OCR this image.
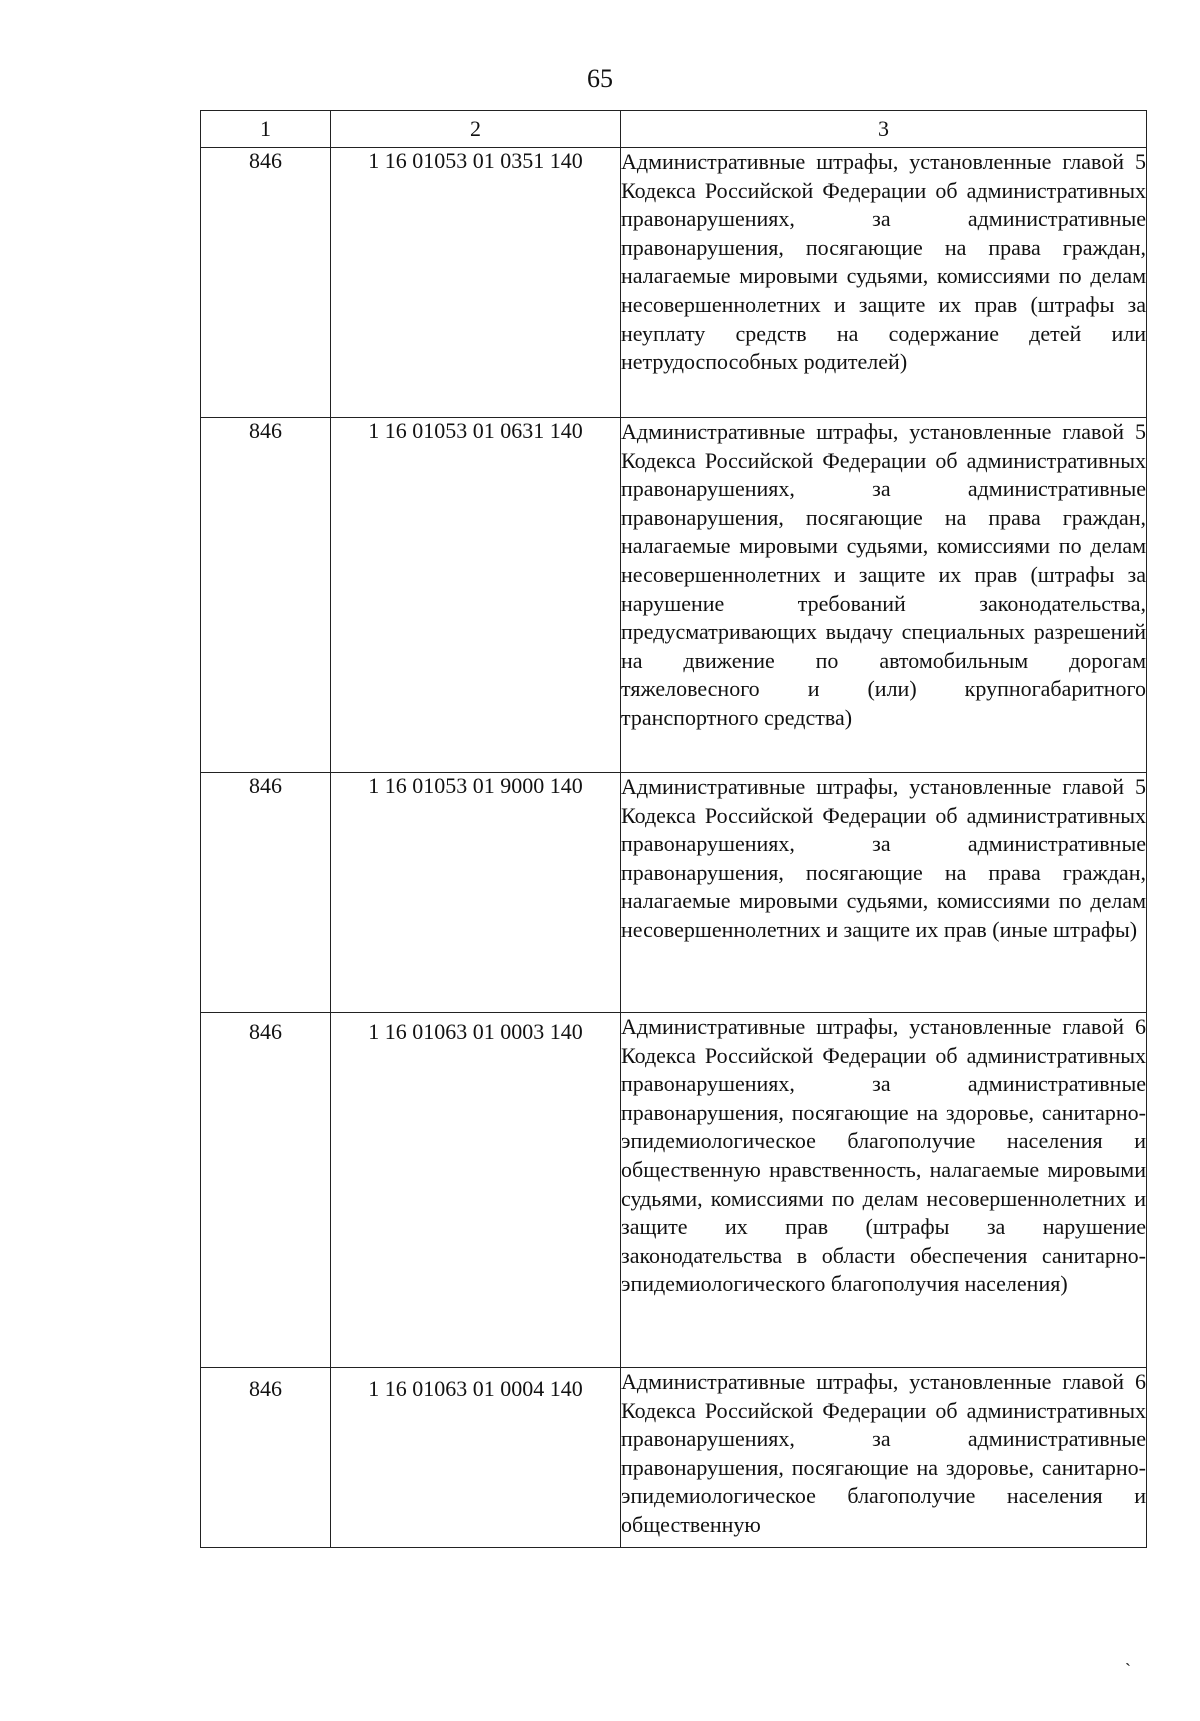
65
1	2	3
846	1 16 01053 01 0351 140	Административные штрафы, установленные главой 5 Кодекса Российской Федерации об административных правонарушениях, за административные правонарушения, посягающие на права граждан, налагаемые мировыми судьями, комиссиями по делам несовершеннолетних и защите их прав (штрафы за неуплату средств на содержание детей или нетрудоспособных родителей)
846	1 16 01053 01 0631 140	Административные штрафы, установленные главой 5 Кодекса Российской Федерации об административных правонарушениях, за административные правонарушения, посягающие на права граждан, налагаемые мировыми судьями, комиссиями по делам несовершеннолетних и защите их прав (штрафы за нарушение требований законодательства, предусматривающих выдачу специальных разрешений на движение по автомобильным дорогам тяжеловесного и (или) крупногабаритного транспортного средства)
846	1 16 01053 01 9000 140	Административные штрафы, установленные главой 5 Кодекса Российской Федерации об административных правонарушениях, за административные правонарушения, посягающие на права граждан, налагаемые мировыми судьями, комиссиями по делам несовершеннолетних и защите их прав (иные штрафы)
846	1 16 01063 01 0003 140	Административные штрафы, установленные главой 6 Кодекса Российской Федерации об административных правонарушениях, за административные правонарушения, посягающие на здоровье, санитарно-эпидемиологическое благополучие населения и общественную нравственность, налагаемые мировыми судьями, комиссиями по делам несовершеннолетних и защите их прав (штрафы за нарушение законодательства в области обеспечения санитарно-эпидемиологического благополучия населения)
846	1 16 01063 01 0004 140	Административные штрафы, установленные главой 6 Кодекса Российской Федерации об административных правонарушениях, за административные правонарушения, посягающие на здоровье, санитарно-эпидемиологическое благополучие населения и общественную
`
